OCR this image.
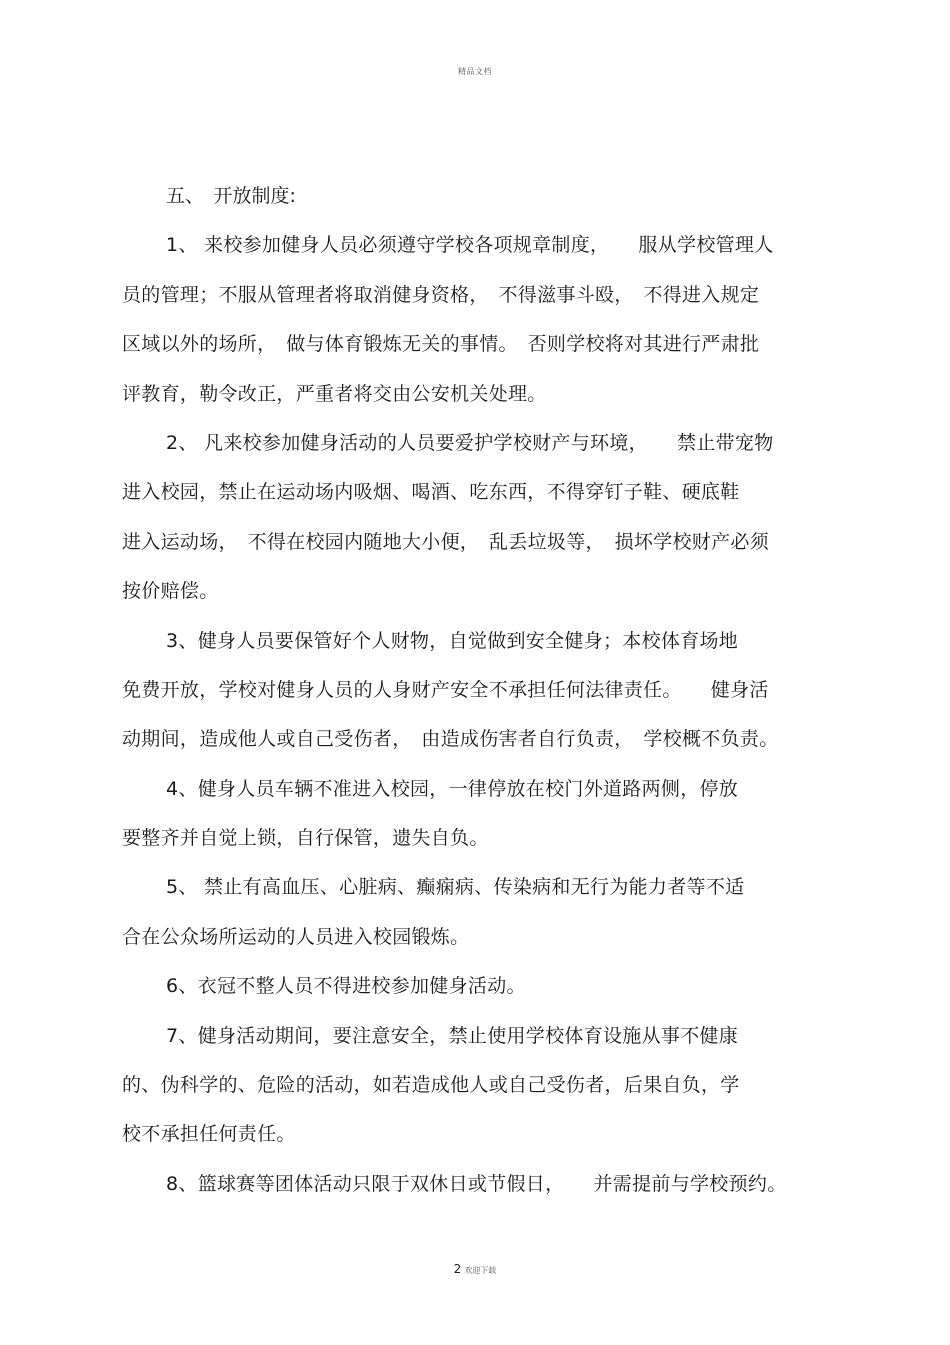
精品文档

五、　开放制度:

1、 来校参加健身人员必须遵守学校各项规章制度，　　服从学校管理人
员的管理；不服从管理者将取消健身资格，　不得滋事斗殴，　不得进入规定
区域以外的场所，　做与体育锻炼无关的事情。　否则学校将对其进行严肃批
评教育，勒令改正，严重者将交由公安机关处理。
2、 凡来校参加健身活动的人员要爱护学校财产与环境，　　禁止带宠物
进入校园，禁止在运动场内吸烟、喝酒、吃东西，不得穿钉子鞋、硬底鞋
进入运动场，　不得在校园内随地大小便，　乱丢垃圾等，　损坏学校财产必须
按价赔偿。
3、健身人员要保管好个人财物，自觉做到安全健身；本校体育场地
免费开放，学校对健身人员的人身财产安全不承担任何法律责任。　　健身活
动期间，造成他人或自己受伤者，　由造成伤害者自行负责，　学校概不负责。
4、健身人员车辆不准进入校园，一律停放在校门外道路两侧，停放
要整齐并自觉上锁，自行保管，遗失自负。
5、 禁止有高血压、心脏病、癫痫病、传染病和无行为能力者等不适
合在公众场所运动的人员进入校园锻炼。
6、衣冠不整人员不得进校参加健身活动。
7、健身活动期间，要注意安全，禁止使用学校体育设施从事不健康
的、伪科学的、危险的活动，如若造成他人或自己受伤者，后果自负，学
校不承担任何责任。
8、篮球赛等团体活动只限于双休日或节假日，　　并需提前与学校预约。
2 欢迎下载
